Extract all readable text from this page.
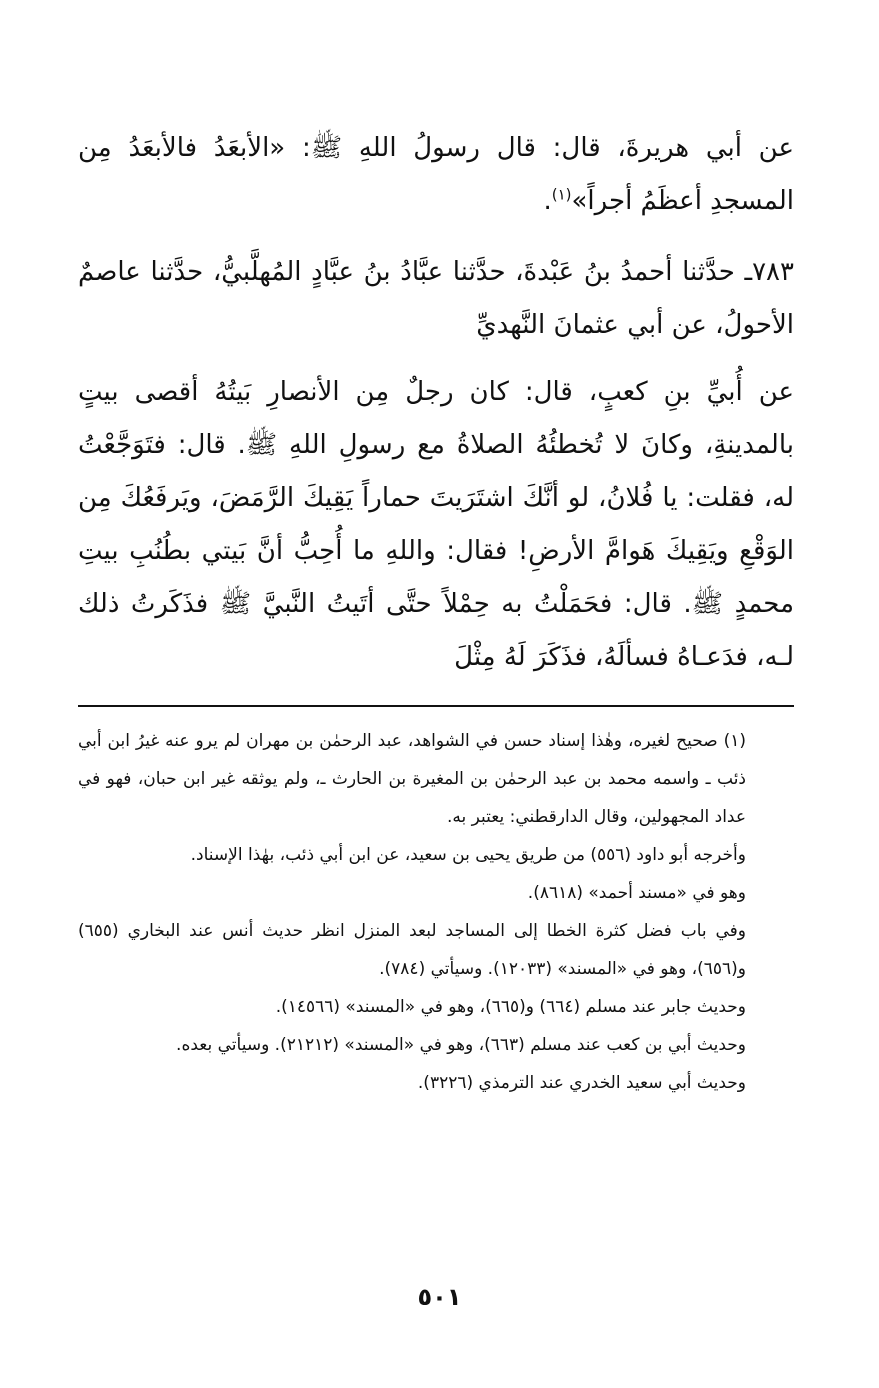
عن أبي هريرةَ، قال: قال رسولُ اللهِ ﷺ: «الأبعَدُ فالأبعَدُ مِن المسجدِ أعظَمُ أجراً»$^{(١)}$.

٧٨٣ـ حدَّثنا أحمدُ بنُ عَبْدةَ، حدَّثنا عبَّادُ بنُ عبَّادٍ المُهلَّبيُّ، حدَّثنا عاصمٌ الأحولُ، عن أبي عثمانَ النَّهديِّ

عن أُبيِّ بنِ كعبٍ، قال: كان رجلٌ مِن الأنصارِ بَيتُهُ أقصى بيتٍ بالمدينةِ، وكانَ لا تُخطئُهُ الصلاةُ مع رسولِ اللهِ ﷺ. قال: فتَوَجَّعْتُ له، فقلت: يا فُلانُ، لو أنَّكَ اشتَرَيتَ حماراً يَقِيكَ الرَّمَضَ، ويَرفَعُكَ مِن الوَقْعِ ويَقِيكَ هَوامَّ الأرضِ! فقال: واللهِ ما أُحِبُّ أنَّ بَيتي بطُنُبِ بيتِ محمدٍ ﷺ. قال: فحَمَلْتُ به حِمْلاً حتَّى أتَيتُ النَّبيَّ ﷺ فذَكَرتُ ذلك لـه، فدَعـاهُ فسألَهُ، فذَكَرَ لَهُ مِثْلَ

(١) صحيح لغيره، وهٰذا إسناد حسن في الشواهد، عبد الرحمٰن بن مهران لم يرو عنه غيرُ ابن أبي ذئب ـ واسمه محمد بن عبد الرحمٰن بن المغيرة بن الحارث ـ، ولم يوثقه غير ابن حبان، فهو في عداد المجهولين، وقال الدارقطني: يعتبر به.

وأخرجه أبو داود (٥٥٦) من طريق يحيى بن سعيد، عن ابن أبي ذئب، بهٰذا الإسناد.

وهو في «مسند أحمد» (٨٦١٨).

وفي باب فضل كثرة الخطا إلى المساجد لبعد المنزل انظر حديث أنس عند البخاري (٦٥٥) و(٦٥٦)، وهو في «المسند» (١٢٠٣٣). وسيأتي (٧٨٤).

وحديث جابر عند مسلم (٦٦٤) و(٦٦٥)، وهو في «المسند» (١٤٥٦٦).

وحديث أبي بن كعب عند مسلم (٦٦٣)، وهو في «المسند» (٢١٢١٢). وسيأتي بعده.

وحديث أبي سعيد الخدري عند الترمذي (٣٢٢٦).

٥٠١
